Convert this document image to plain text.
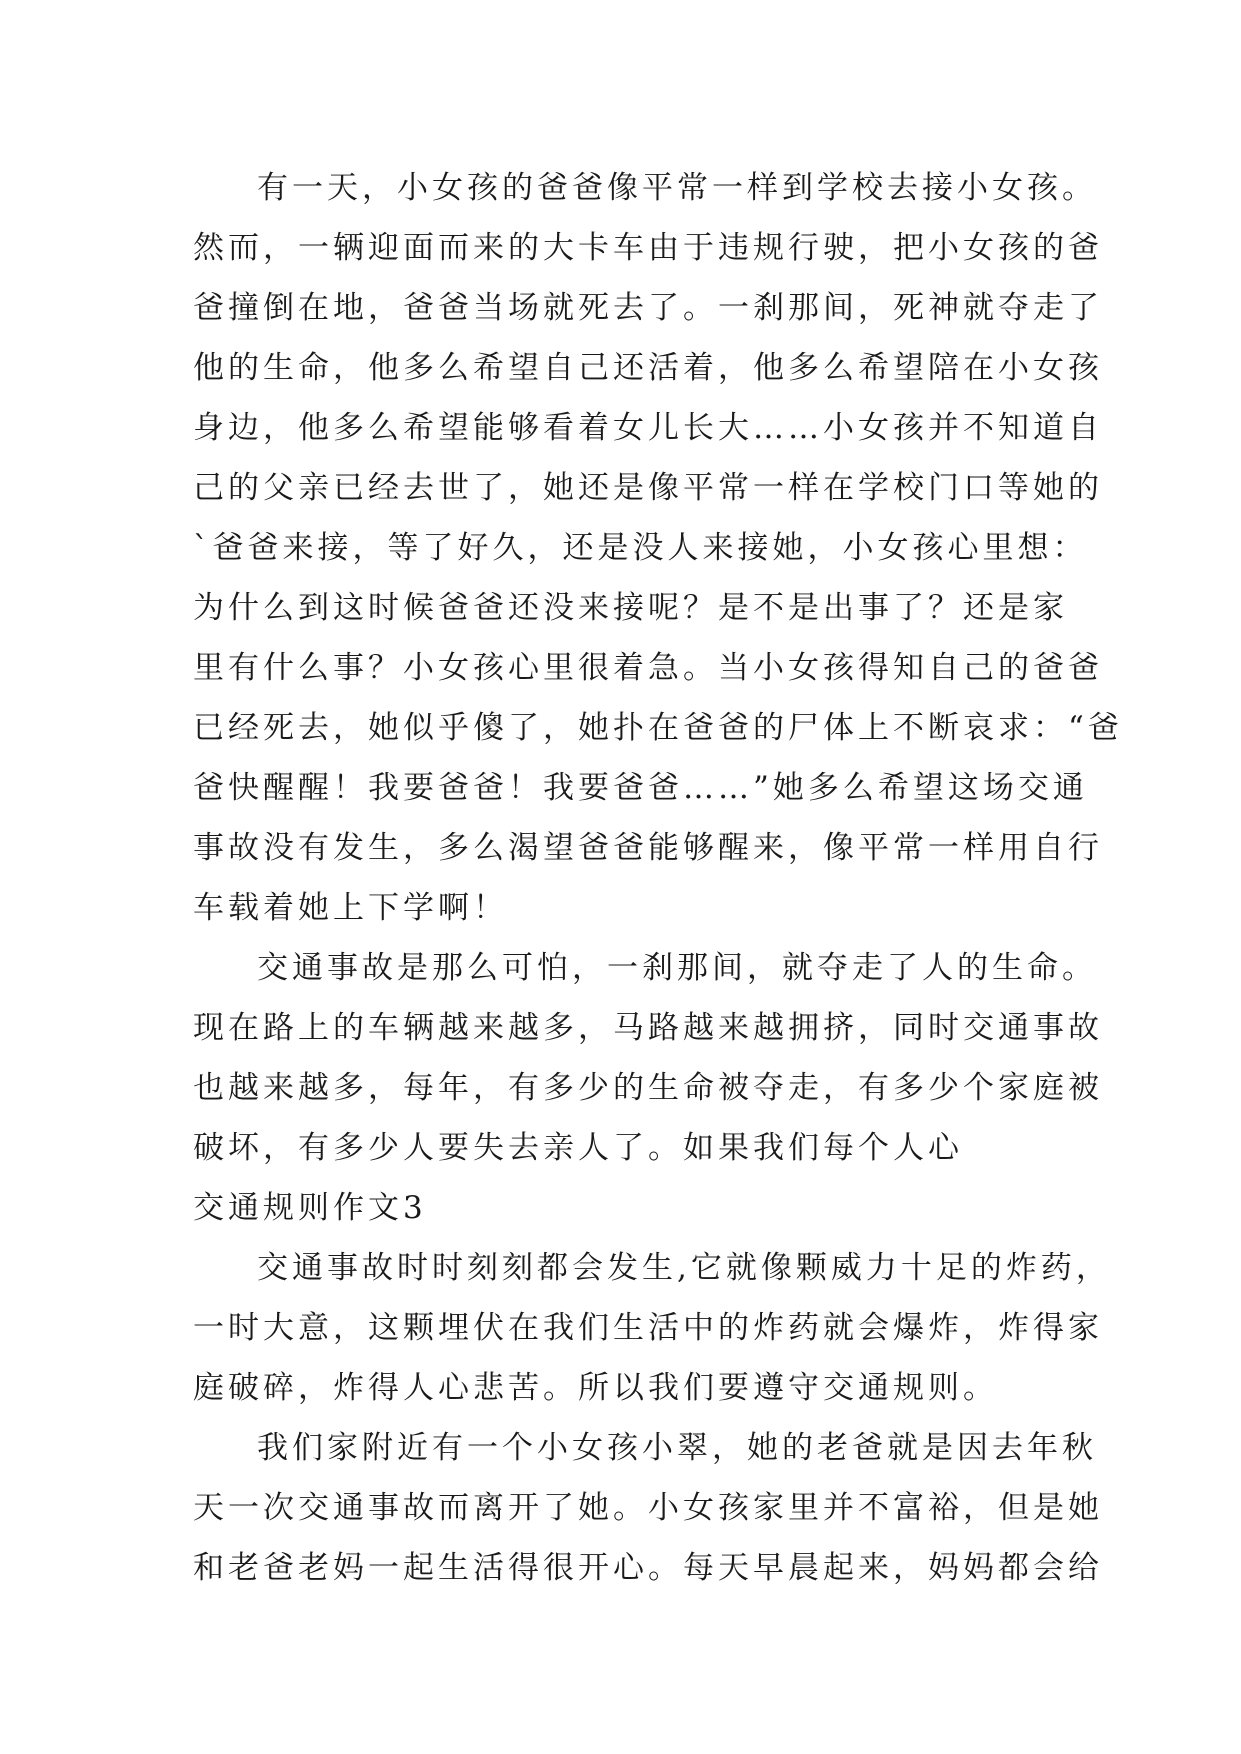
有一天，小女孩的爸爸像平常一样到学校去接小女孩。
然而，一辆迎面而来的大卡车由于违规行驶，把小女孩的爸
爸撞倒在地，爸爸当场就死去了。一刹那间，死神就夺走了
他的生命，他多么希望自己还活着，他多么希望陪在小女孩
身边，他多么希望能够看着女儿长大……小女孩并不知道自
己的父亲已经去世了，她还是像平常一样在学校门口等她的
`爸爸来接，等了好久，还是没人来接她，小女孩心里想：
为什么到这时候爸爸还没来接呢？是不是出事了？还是家
里有什么事？小女孩心里很着急。当小女孩得知自己的爸爸
已经死去，她似乎傻了，她扑在爸爸的尸体上不断哀求：“爸
爸快醒醒！我要爸爸！我要爸爸……”她多么希望这场交通
事故没有发生，多么渴望爸爸能够醒来，像平常一样用自行
车载着她上下学啊！
交通事故是那么可怕，一刹那间，就夺走了人的生命。
现在路上的车辆越来越多，马路越来越拥挤，同时交通事故
也越来越多，每年，有多少的生命被夺走，有多少个家庭被
破坏，有多少人要失去亲人了。如果我们每个人心
交通规则作文3
交通事故时时刻刻都会发生,它就像颗威力十足的炸药，
一时大意，这颗埋伏在我们生活中的炸药就会爆炸，炸得家
庭破碎，炸得人心悲苦。所以我们要遵守交通规则。
我们家附近有一个小女孩小翠，她的老爸就是因去年秋
天一次交通事故而离开了她。小女孩家里并不富裕，但是她
和老爸老妈一起生活得很开心。每天早晨起来，妈妈都会给
